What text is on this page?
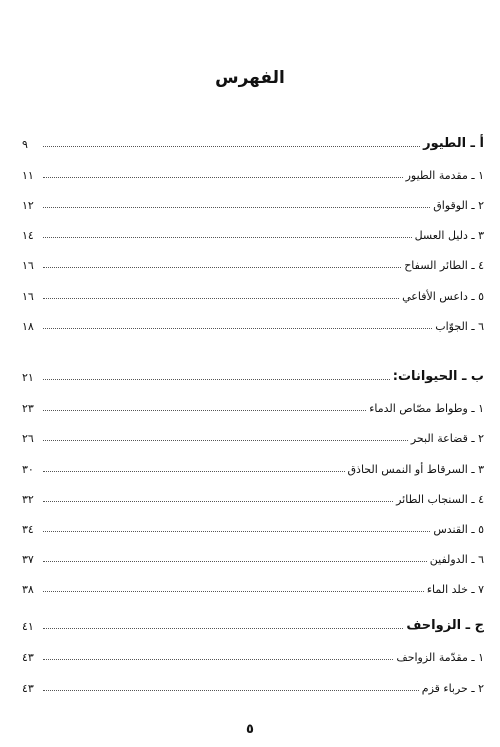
الفهرس
أ ـ الطيور
٩
١ ـ مقدمة الطيور
١١
٢ ـ الوقواق
١٢
٣ ـ دليل العسل
١٤
٤ ـ الطائر السفاح
١٦
٥ ـ داعس الأفاعي
١٦
٦ ـ الجوّاب
١٨
ب ـ الحيوانات:
٢١
١ ـ وطواط مصّاص الدماء
٢٣
٢ ـ قضاعة البحر
٢٦
٣ ـ السرقاط أو النمس الحاذق
٣٠
٤ ـ السنجاب الطائر
٣٢
٥ ـ القندس
٣٤
٦ ـ الدولفين
٣٧
٧ ـ خلد الماء
٣٨
ج ـ الزواحف
٤١
١ ـ مقدّمة الزواحف
٤٣
٢ ـ حرباء قزم
٤٣
٥
